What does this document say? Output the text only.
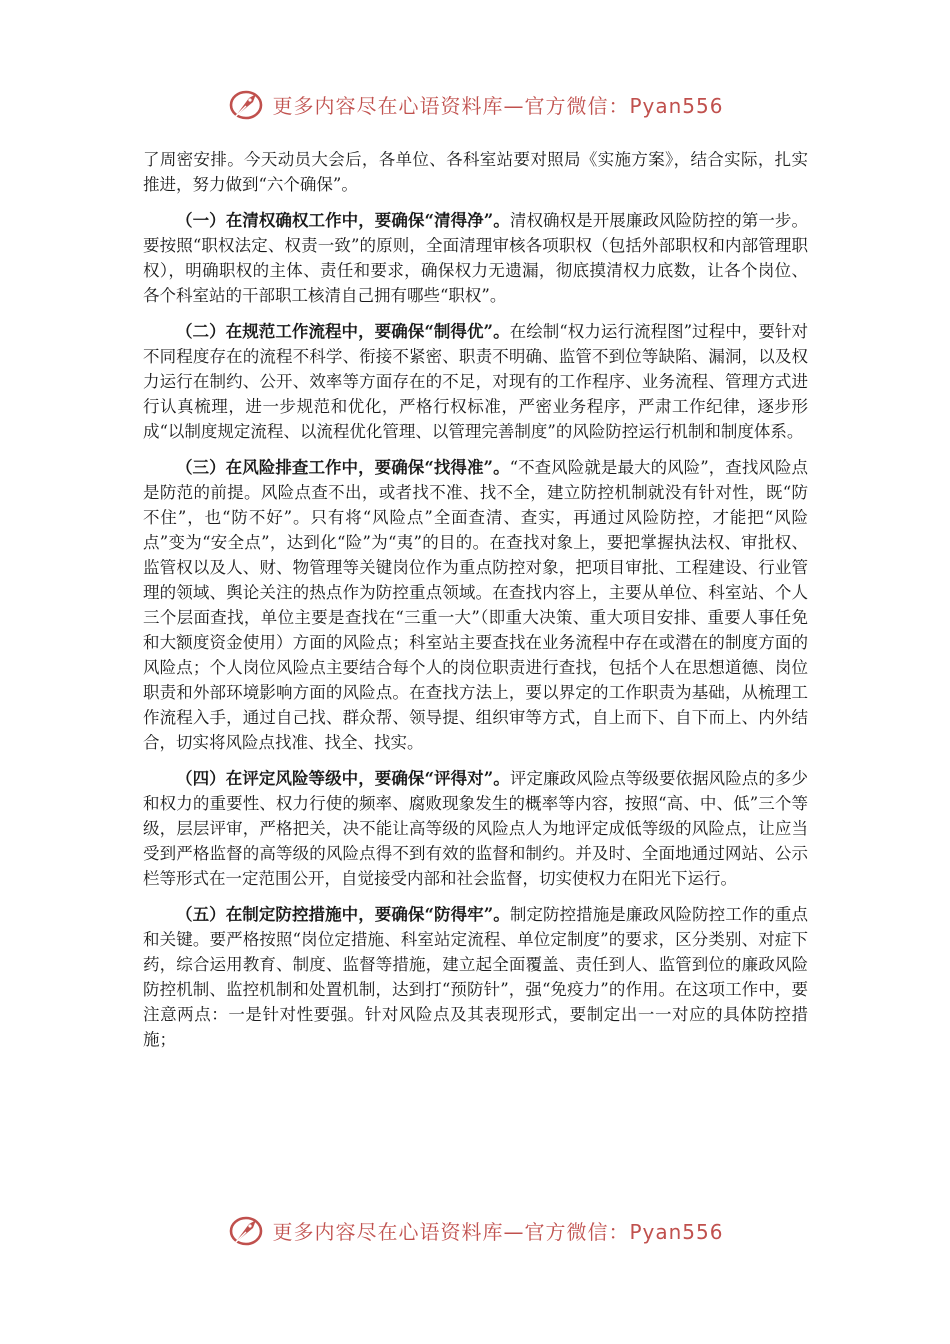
更多内容尽在心语资料库—官方微信：Pyan556

了周密安排。今天动员大会后，各单位、各科室站要对照局《实施方案》，结合实际，扎实推进，努力做到“六个确保”。

（一）在清权确权工作中，要确保“清得净”。清权确权是开展廉政风险防控的第一步。要按照“职权法定、权责一致”的原则，全面清理审核各项职权（包括外部职权和内部管理职权），明确职权的主体、责任和要求，确保权力无遗漏，彻底摸清权力底数，让各个岗位、各个科室站的干部职工核清自己拥有哪些“职权”。

（二）在规范工作流程中，要确保“制得优”。在绘制“权力运行流程图”过程中，要针对不同程度存在的流程不科学、衔接不紧密、职责不明确、监管不到位等缺陷、漏洞，以及权力运行在制约、公开、效率等方面存在的不足，对现有的工作程序、业务流程、管理方式进行认真梳理，进一步规范和优化，严格行权标准，严密业务程序，严肃工作纪律，逐步形成“以制度规定流程、以流程优化管理、以管理完善制度”的风险防控运行机制和制度体系。

（三）在风险排查工作中，要确保“找得准”。“不查风险就是最大的风险”，查找风险点是防范的前提。风险点查不出，或者找不准、找不全，建立防控机制就没有针对性，既“防不住”，也“防不好”。只有将“风险点”全面查清、查实，再通过风险防控，才能把“风险点”变为“安全点”，达到化“险”为“夷”的目的。在查找对象上，要把掌握执法权、审批权、监管权以及人、财、物管理等关键岗位作为重点防控对象，把项目审批、工程建设、行业管理的领域、舆论关注的热点作为防控重点领域。在查找内容上，主要从单位、科室站、个人三个层面查找，单位主要是查找在“三重一大”（即重大决策、重大项目安排、重要人事任免和大额度资金使用）方面的风险点；科室站主要查找在业务流程中存在或潜在的制度方面的风险点；个人岗位风险点主要结合每个人的岗位职责进行查找，包括个人在思想道德、岗位职责和外部环境影响方面的风险点。在查找方法上，要以界定的工作职责为基础，从梳理工作流程入手，通过自己找、群众帮、领导提、组织审等方式，自上而下、自下而上、内外结合，切实将风险点找准、找全、找实。

（四）在评定风险等级中，要确保“评得对”。评定廉政风险点等级要依据风险点的多少和权力的重要性、权力行使的频率、腐败现象发生的概率等内容，按照“高、中、低”三个等级，层层评审，严格把关，决不能让高等级的风险点人为地评定成低等级的风险点，让应当受到严格监督的高等级的风险点得不到有效的监督和制约。并及时、全面地通过网站、公示栏等形式在一定范围公开，自觉接受内部和社会监督，切实使权力在阳光下运行。

（五）在制定防控措施中，要确保“防得牢”。制定防控措施是廉政风险防控工作的重点和关键。要严格按照“岗位定措施、科室站定流程、单位定制度”的要求，区分类别、对症下药，综合运用教育、制度、监督等措施，建立起全面覆盖、责任到人、监管到位的廉政风险防控机制、监控机制和处置机制，达到打“预防针”，强“免疫力”的作用。在这项工作中，要注意两点：一是针对性要强。针对风险点及其表现形式，要制定出一一对应的具体防控措施；

更多内容尽在心语资料库—官方微信：Pyan556
